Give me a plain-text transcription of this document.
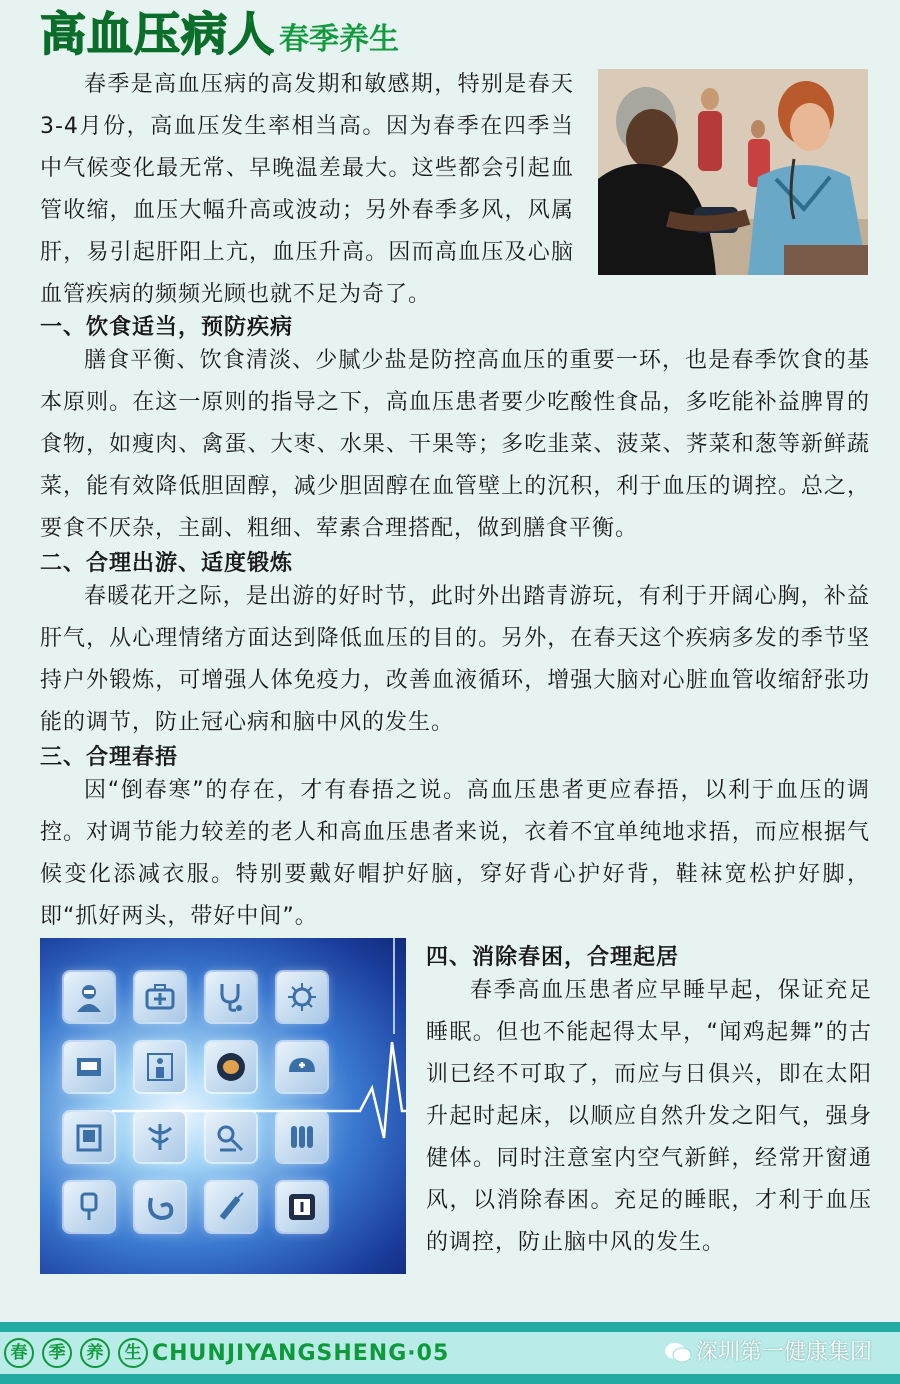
高血压病人 春季养生

春季是高血压病的高发期和敏感期，特别是春天3-4月份，高血压发生率相当高。因为春季在四季当中气候变化最无常、早晚温差最大。这些都会引起血管收缩，血压大幅升高或波动；另外春季多风，风属肝，易引起肝阳上亢，血压升高。因而高血压及心脑血管疾病的频频光顾也就不足为奇了。

一、饮食适当，预防疾病

膳食平衡、饮食清淡、少腻少盐是防控高血压的重要一环，也是春季饮食的基本原则。在这一原则的指导之下，高血压患者要少吃酸性食品，多吃能补益脾胃的食物，如瘦肉、禽蛋、大枣、水果、干果等；多吃韭菜、菠菜、荠菜和葱等新鲜蔬菜，能有效降低胆固醇，减少胆固醇在血管壁上的沉积，利于血压的调控。总之，要食不厌杂，主副、粗细、荤素合理搭配，做到膳食平衡。

二、合理出游、适度锻炼

春暖花开之际，是出游的好时节，此时外出踏青游玩，有利于开阔心胸，补益肝气，从心理情绪方面达到降低血压的目的。另外，在春天这个疾病多发的季节坚持户外锻炼，可增强人体免疫力，改善血液循环，增强大脑对心脏血管收缩舒张功能的调节，防止冠心病和脑中风的发生。

三、合理春捂

因“倒春寒”的存在，才有春捂之说。高血压患者更应春捂，以利于血压的调控。对调节能力较差的老人和高血压患者来说，衣着不宜单纯地求捂，而应根据气候变化添减衣服。特别要戴好帽护好脑，穿好背心护好背，鞋袜宽松护好脚，即“抓好两头，带好中间”。

四、消除春困，合理起居

春季高血压患者应早睡早起，保证充足睡眠。但也不能起得太早，“闻鸡起舞”的古训已经不可取了，而应与日俱兴，即在太阳升起时起床，以顺应自然升发之阳气，强身健体。同时注意室内空气新鲜，经常开窗通风，以消除春困。充足的睡眠，才利于血压的调控，防止脑中风的发生。

春	季	养	生 CHUNJIYANGSHENG·05	深圳第一健康集团
